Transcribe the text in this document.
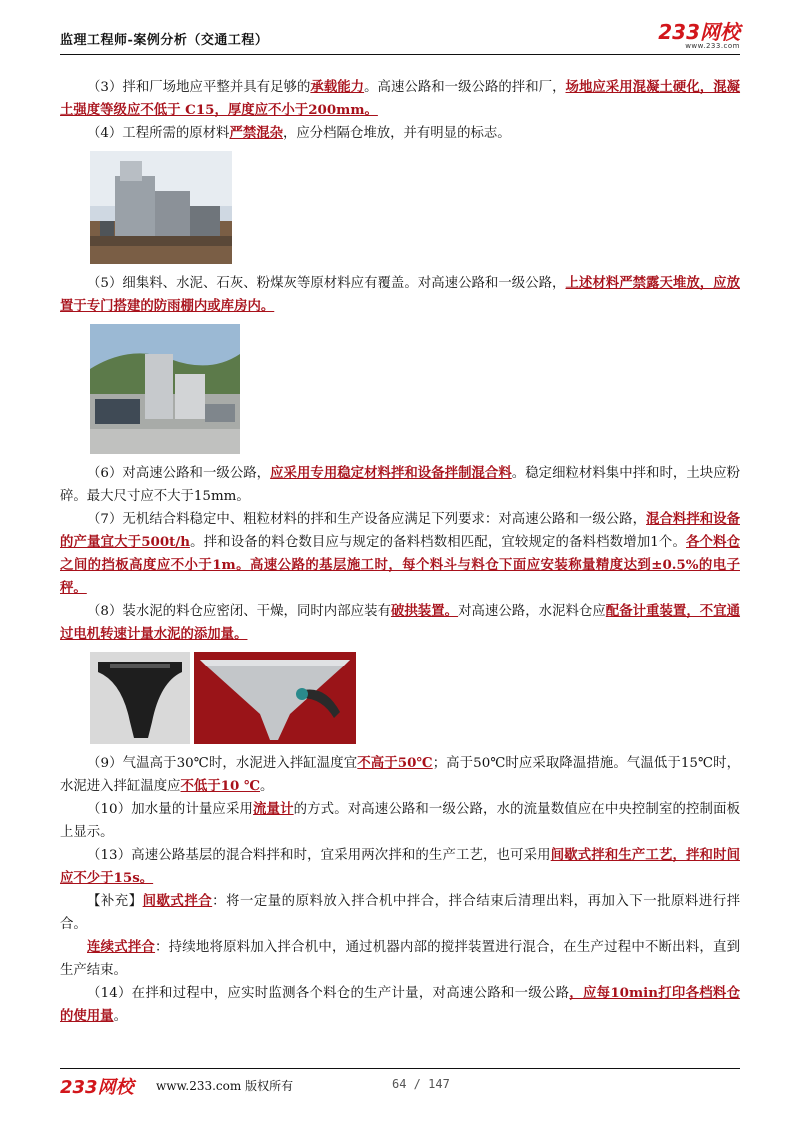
监理工程师-案例分析（交通工程）	233网校
www.233.com

（3）拌和厂场地应平整并具有足够的承载能力。高速公路和一级公路的拌和厂，场地应采用混凝土硬化，混凝土强度等级应不低于 C15，厚度应不小于200mm。

（4）工程所需的原材料严禁混杂，应分档隔仓堆放，并有明显的标志。

（5）细集料、水泥、石灰、粉煤灰等原材料应有覆盖。对高速公路和一级公路，上述材料严禁露天堆放，应放置于专门搭建的防雨棚内或库房内。

（6）对高速公路和一级公路，应采用专用稳定材料拌和设备拌制混合料。稳定细粒材料集中拌和时，土块应粉碎。最大尺寸应不大于15mm。

（7）无机结合料稳定中、粗粒材料的拌和生产设备应满足下列要求：对高速公路和一级公路，混合料拌和设备的产量宜大于500t/h。拌和设备的料仓数目应与规定的备料档数相匹配，宜较规定的备料档数增加1个。各个料仓之间的挡板高度应不小于1m。高速公路的基层施工时，每个料斗与料仓下面应安装称量精度达到±0.5%的电子秤。

（8）装水泥的料仓应密闭、干燥，同时内部应装有破拱装置。对高速公路，水泥料仓应配备计重装置，不宜通过电机转速计量水泥的添加量。

（9）气温高于30℃时，水泥进入拌缸温度宜不高于50℃；高于50℃时应采取降温措施。气温低于15℃时，水泥进入拌缸温度应不低于10 ℃。

（10）加水量的计量应采用流量计的方式。对高速公路和一级公路，水的流量数值应在中央控制室的控制面板上显示。

（13）高速公路基层的混合料拌和时，宜采用两次拌和的生产工艺，也可采用间歇式拌和生产工艺，拌和时间应不少于15s。

【补充】间歇式拌合：将一定量的原料放入拌合机中拌合，拌合结束后清理出料，再加入下一批原料进行拌合。

连续式拌合：持续地将原料加入拌合机中，通过机器内部的搅拌装置进行混合，在生产过程中不断出料，直到生产结束。

（14）在拌和过程中，应实时监测各个料仓的生产计量，对高速公路和一级公路，应每10min打印各档料仓的使用量。

233网校 www.233.com 版权所有	64 / 147
